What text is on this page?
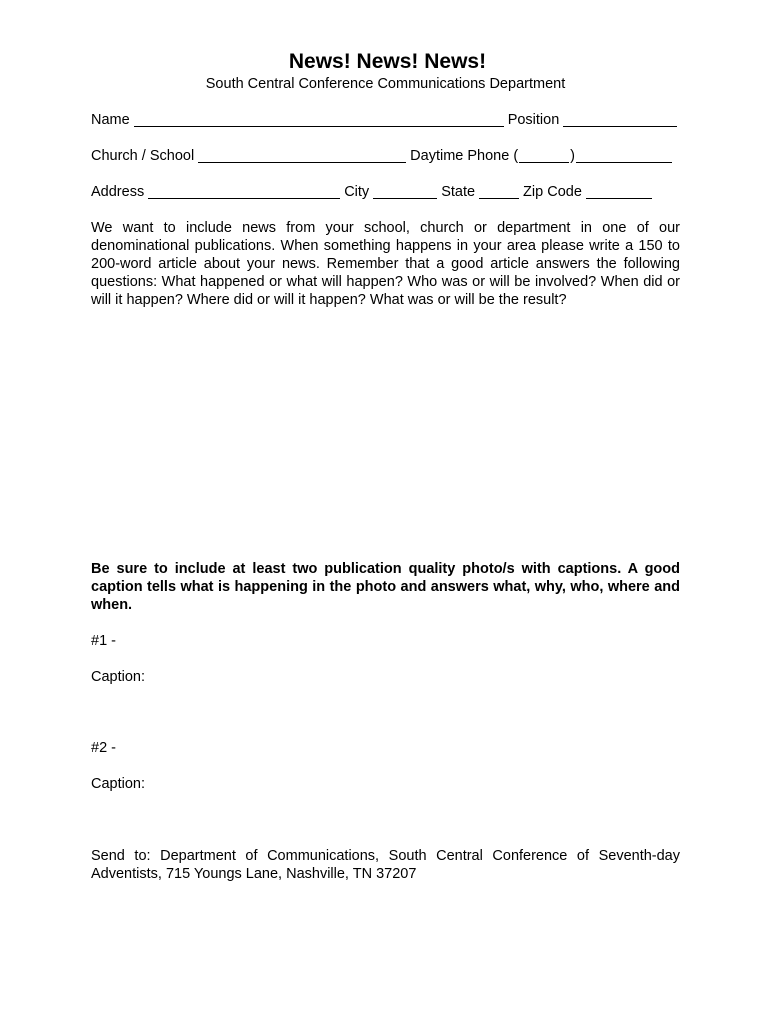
News! News! News!

South Central Conference Communications Department

Name	Position
Church / School	Daytime Phone (	)
Address	City	State	Zip Code

We want to include news from your school, church or department in one of our denominational publications. When something happens in your area please write a 150 to 200-word article about your news. Remember that a good article answers the following questions: What happened or what will happen? Who was or will be involved? When did or will it happen? Where did or will it happen? What was or will be the result?

Be sure to include at least two publication quality photo/s with captions. A good caption tells what is happening in the photo and answers what, why, who, where and when.

#1 -

Caption:

#2 -

Caption:

Send to: Department of Communications, South Central Conference of Seventh-day Adventists, 715 Youngs Lane, Nashville, TN 37207
